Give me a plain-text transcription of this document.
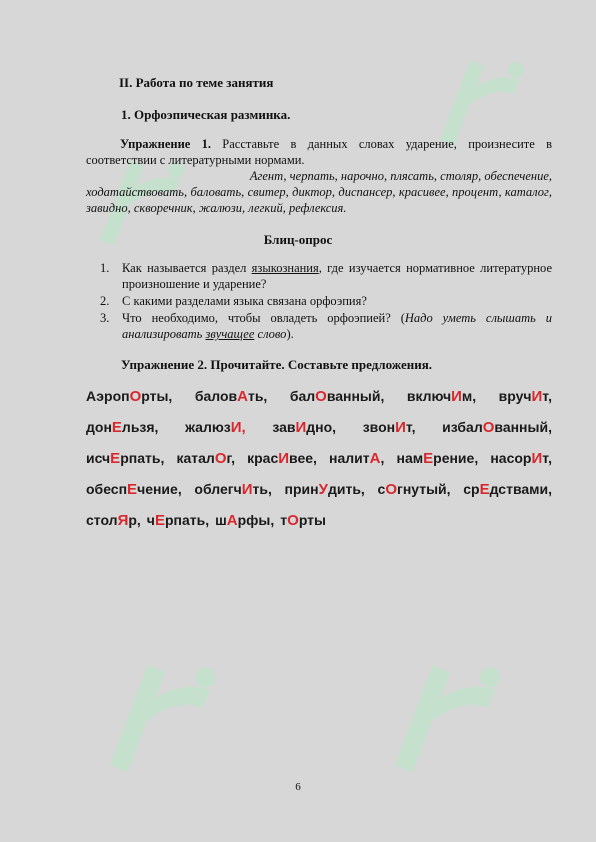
II. Работа по теме занятия
1. Орфоэпическая разминка.
Упражнение 1. Расставьте в данных словах ударение, произнесите в соответствии с литературными нормами.
Агент, черпать, нарочно, плясать, столяр, обеспечение,
ходатайствовать, баловать, свитер, диктор, диспансер, красивее, процент, каталог, завидно, скворечник, жалюзи, легкий, рефлексия.
Блиц-опрос
1. Как называется раздел языкознания, где изучается нормативное литературное произношение и ударение?
2. С какими разделами языка связана орфоэпия?
3. Что необходимо, чтобы овладеть орфоэпией? (Надо уметь слышать и анализировать звучащее слово).
Упражнение 2. Прочитайте. Составьте предложения.
АэропОрты, баловАть, балОванный, включИм, вручИт,
донЕльзя, жалюзИ, завИдно, звонИт, избалОванный,
исчЕрпать, каталОг, красИвее, налитА, намЕрение, насорИт,
обеспЕчение, облегчИть, принУдить, сОгнутый, срЕдствами,
столЯр, чЕрпать, шАрфы, тОрты
6
